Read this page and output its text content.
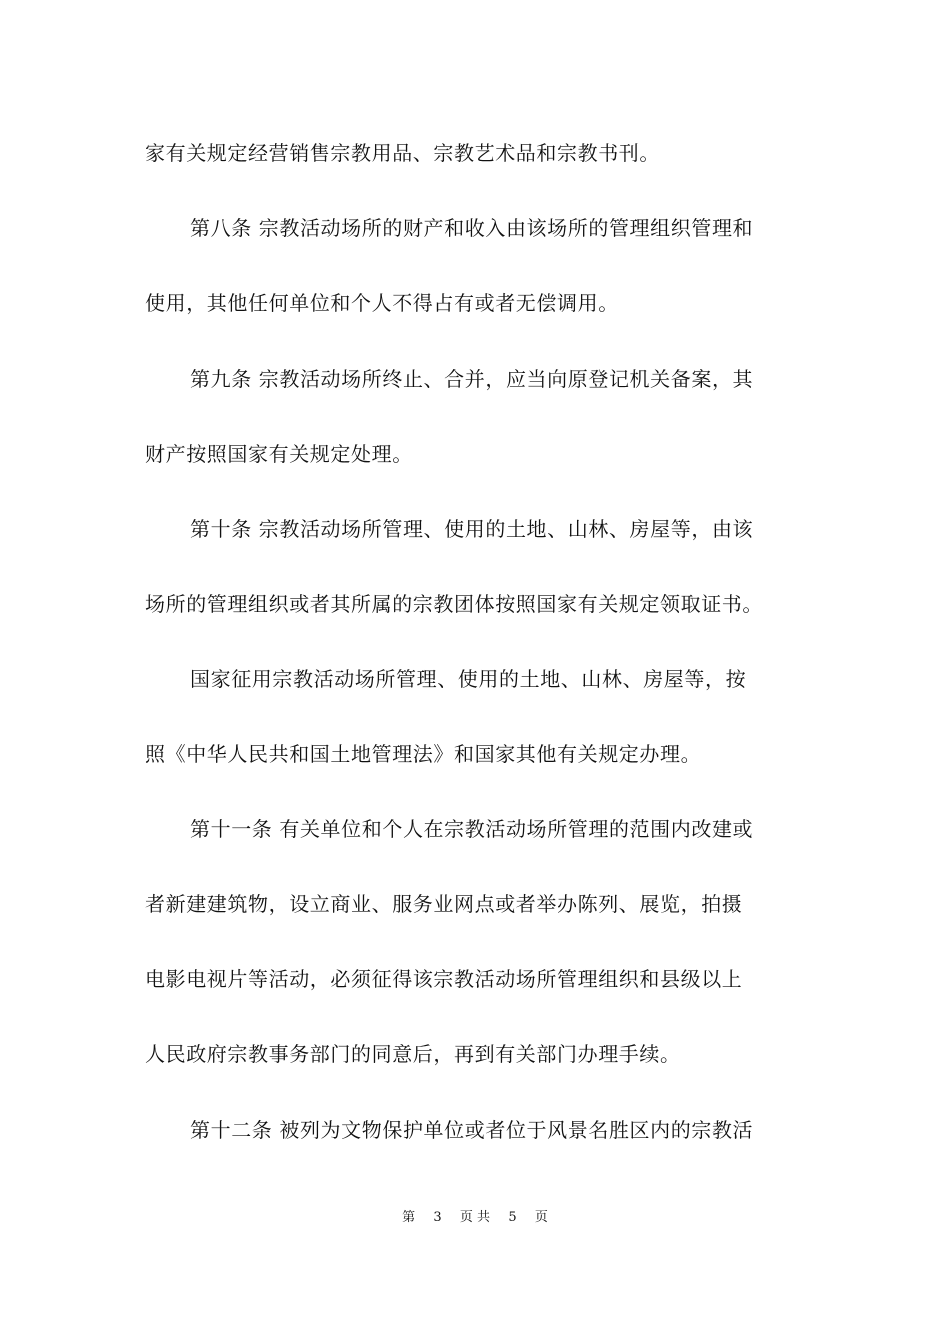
家有关规定经营销售宗教用品、宗教艺术品和宗教书刊。
第八条 宗教活动场所的财产和收入由该场所的管理组织管理和
使用，其他任何单位和个人不得占有或者无偿调用。
第九条 宗教活动场所终止、合并，应当向原登记机关备案，其
财产按照国家有关规定处理。
第十条 宗教活动场所管理、使用的土地、山林、房屋等，由该
场所的管理组织或者其所属的宗教团体按照国家有关规定领取证书。
国家征用宗教活动场所管理、使用的土地、山林、房屋等，按
照《中华人民共和国土地管理法》和国家其他有关规定办理。
第十一条 有关单位和个人在宗教活动场所管理的范围内改建或
者新建建筑物，设立商业、服务业网点或者举办陈列、展览，拍摄
电影电视片等活动，必须征得该宗教活动场所管理组织和县级以上
人民政府宗教事务部门的同意后，再到有关部门办理手续。
第十二条 被列为文物保护单位或者位于风景名胜区内的宗教活
第 3 页 共 5 页
